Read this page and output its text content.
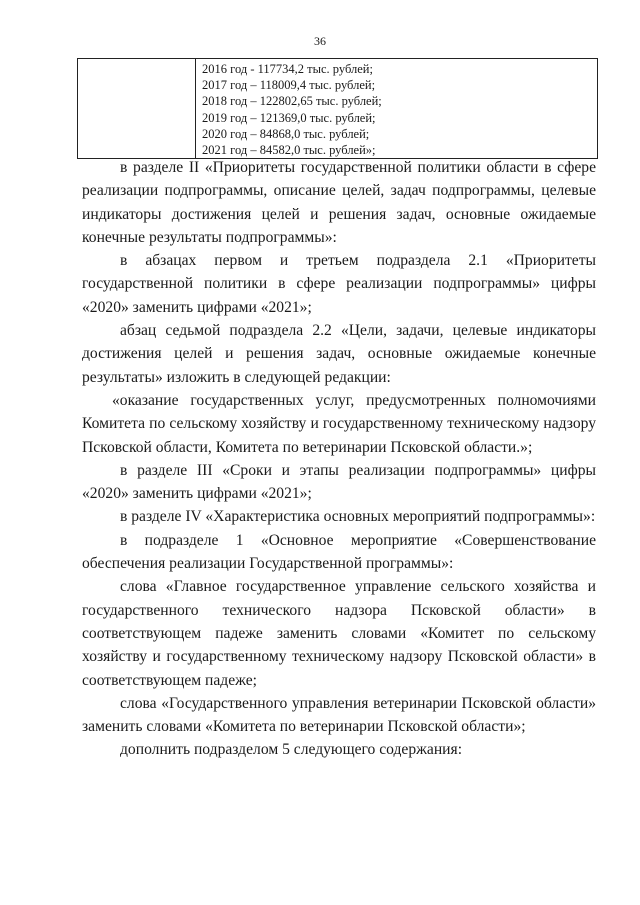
36
2016 год - 117734,2 тыс. рублей;
2017 год – 118009,4 тыс. рублей;
2018 год – 122802,65 тыс. рублей;
2019 год – 121369,0 тыс. рублей;
2020 год – 84868,0 тыс. рублей;
2021 год – 84582,0 тыс. рублей»;

в разделе II «Приоритеты государственной политики области в сфере реализации подпрограммы, описание целей, задач подпрограммы, целевые индикаторы достижения целей и решения задач, основные ожидаемые конечные результаты подпрограммы»:

в абзацах первом и третьем подраздела 2.1 «Приоритеты государственной политики в сфере реализации подпрограммы» цифры «2020» заменить цифрами «2021»;

абзац седьмой подраздела 2.2 «Цели, задачи, целевые индикаторы достижения целей и решения задач, основные ожидаемые конечные результаты» изложить в следующей редакции:

«оказание государственных услуг, предусмотренных полномочиями Комитета по сельскому хозяйству и государственному техническому надзору Псковской области, Комитета по ветеринарии Псковской области.»;

в разделе III «Сроки и этапы реализации подпрограммы» цифры «2020» заменить цифрами «2021»;

в разделе IV «Характеристика основных мероприятий подпрограммы»:

в подразделе 1 «Основное мероприятие «Совершенствование обеспечения реализации Государственной программы»:

слова «Главное государственное управление сельского хозяйства и государственного технического надзора Псковской области» в соответствующем падеже заменить словами «Комитет по сельскому хозяйству и государственному техническому надзору Псковской области» в соответствующем падеже;

слова «Государственного управления ветеринарии Псковской области» заменить словами «Комитета по ветеринарии Псковской области»;

дополнить подразделом 5 следующего содержания:
